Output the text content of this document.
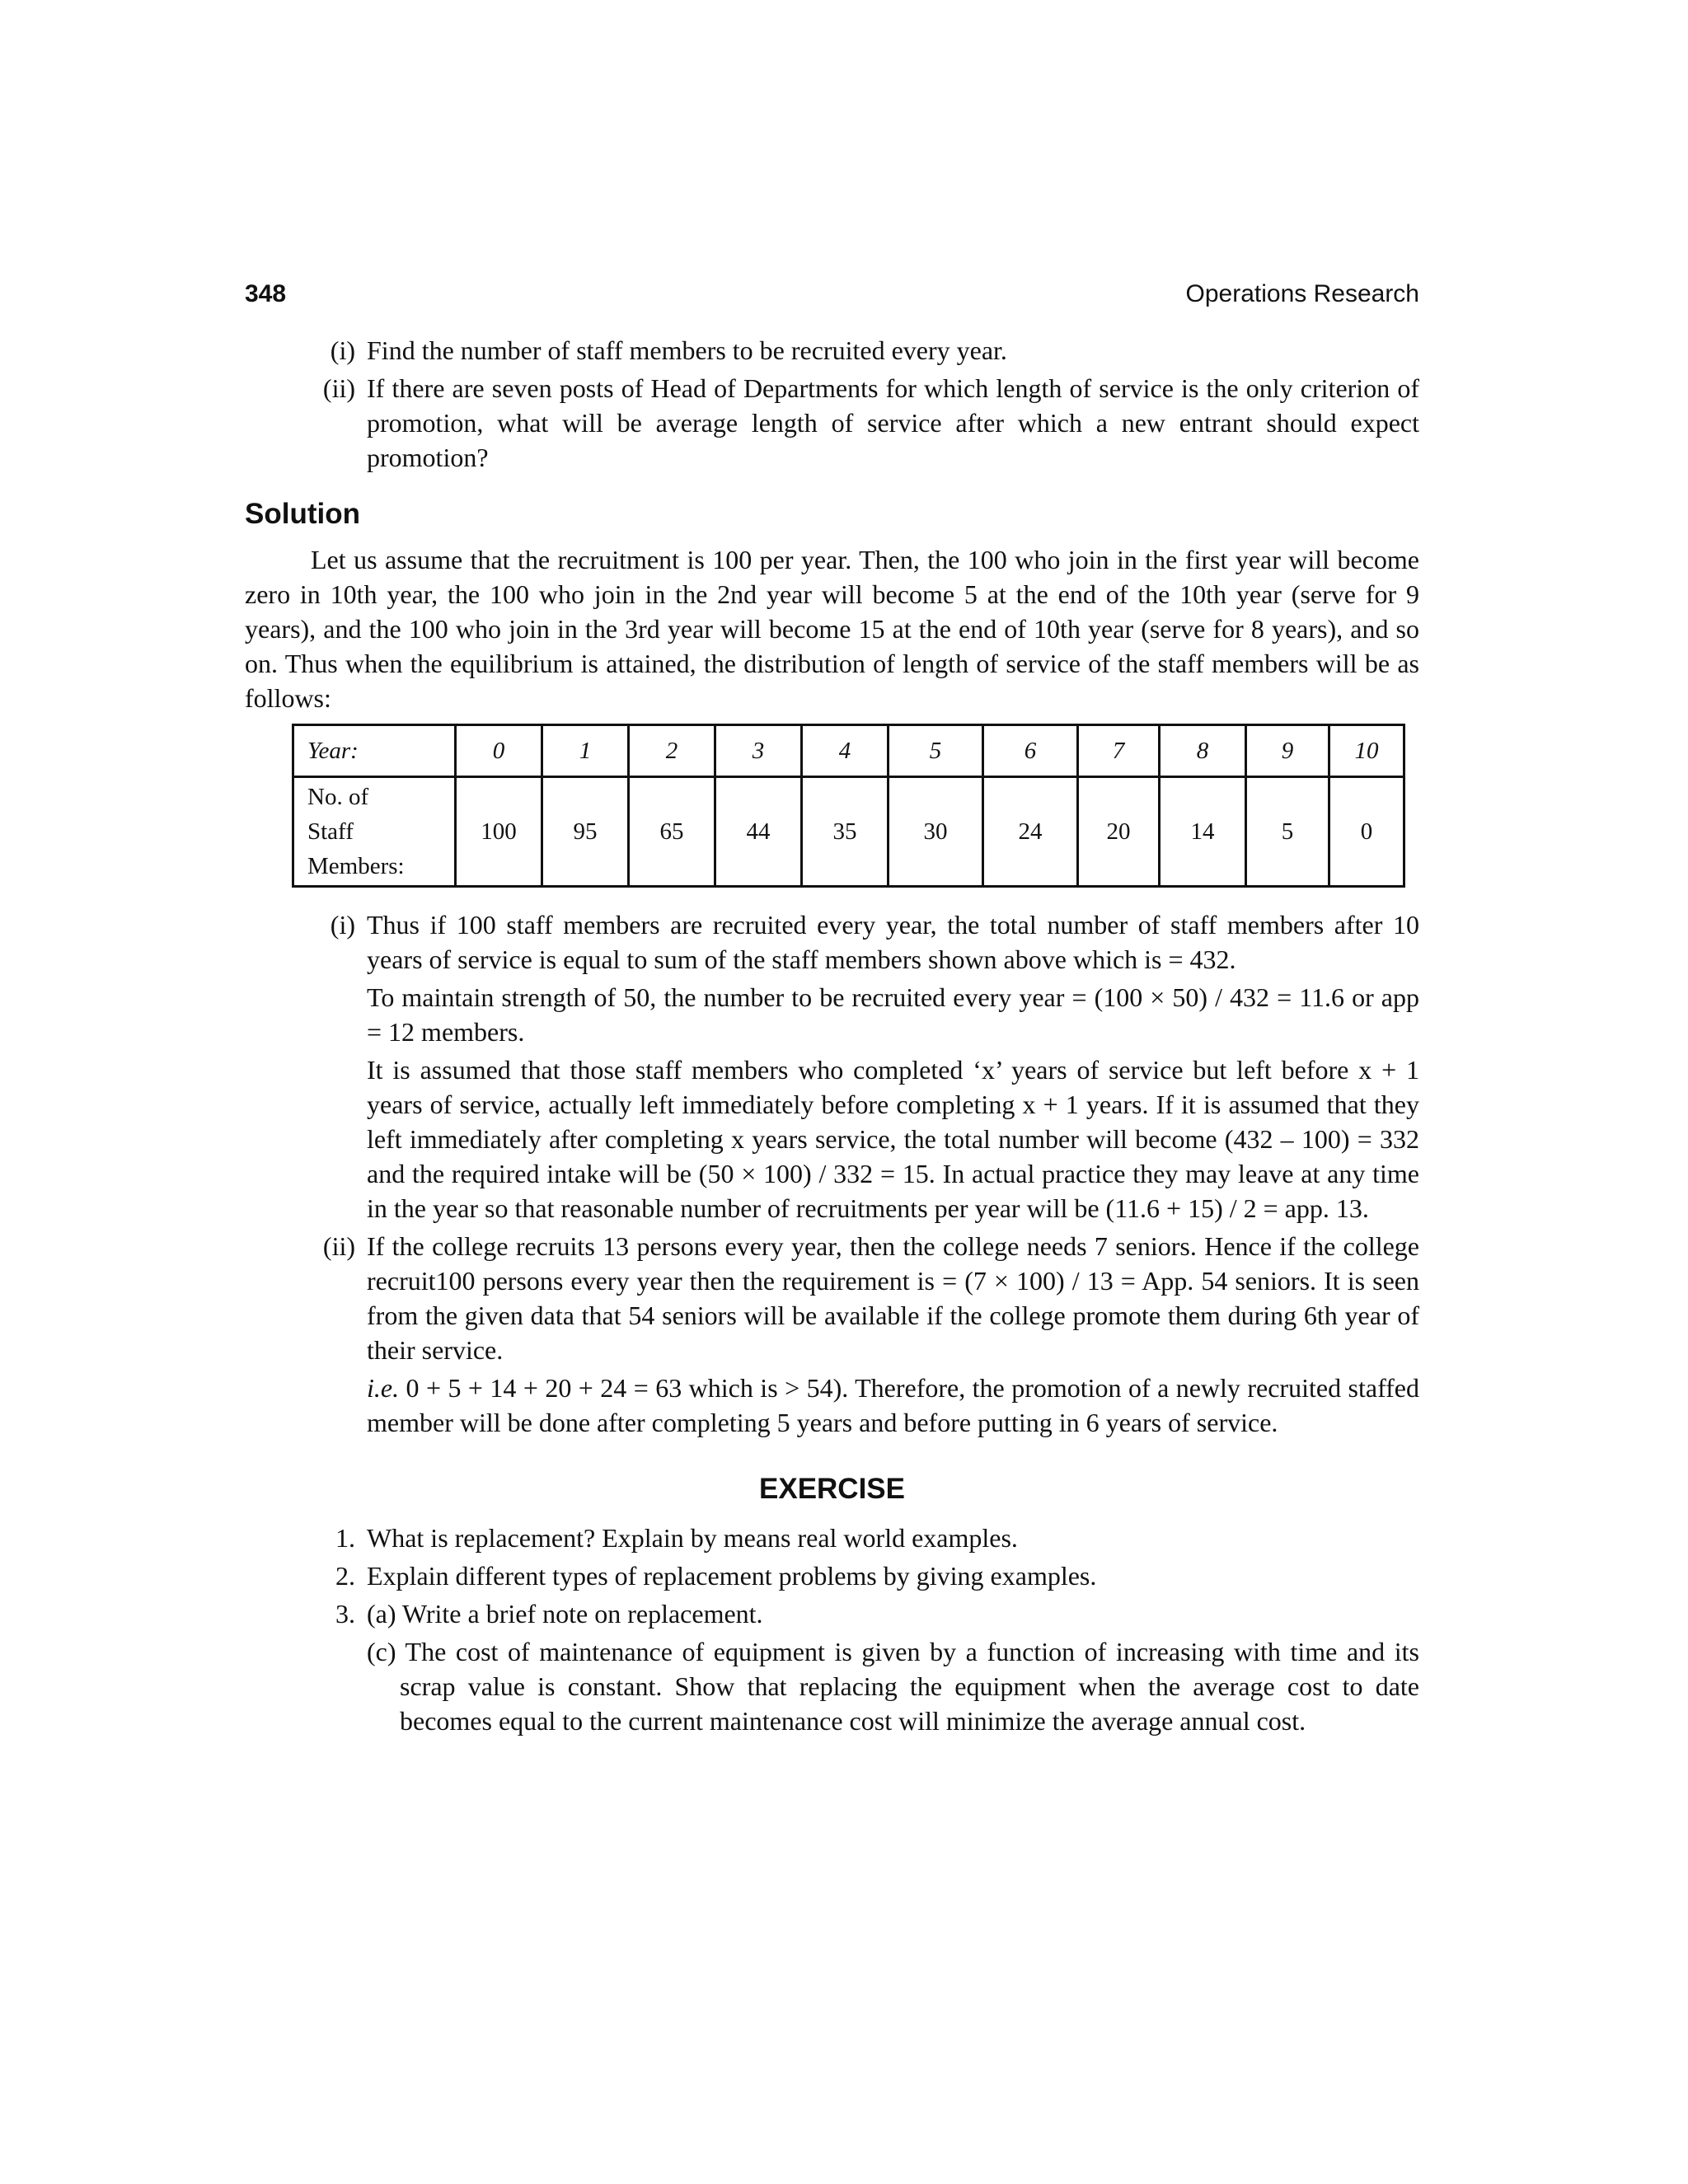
348	Operations Research
(i) Find the number of staff members to be recruited every year.
(ii) If there are seven posts of Head of Departments for which length of service is the only criterion of promotion, what will be average length of service after which a new entrant should expect promotion?
Solution

Let us assume that the recruitment is 100 per year. Then, the 100 who join in the first year will become zero in 10th year, the 100 who join in the 2nd year will become 5 at the end of the 10th year (serve for 9 years), and the 100 who join in the 3rd year will become 15 at the end of 10th year (serve for 8 years), and so on. Thus when the equilibrium is attained, the distribution of length of service of the staff members will be as follows:

Year:	0	1	2	3	4	5	6	7	8	9	10
No. of
Staff
Members:	100	95	65	44	35	30	24	20	14	5	0
(i) Thus if 100 staff members are recruited every year, the total number of staff members after 10 years of service is equal to sum of the staff members shown above which is = 432.

To maintain strength of 50, the number to be recruited every year = (100 × 50) / 432 = 11.6 or app = 12 members.

It is assumed that those staff members who completed ‘x’ years of service but left before x + 1 years of service, actually left immediately before completing x + 1 years. If it is assumed that they left immediately after completing x years service, the total number will become (432 – 100) = 332 and the required intake will be (50 × 100) / 332 = 15. In actual practice they may leave at any time in the year so that reasonable number of recruitments per year will be (11.6 + 15) / 2 = app. 13.

(ii) If the college recruits 13 persons every year, then the college needs 7 seniors. Hence if the college recruit100 persons every year then the requirement is = (7 × 100) / 13 = App. 54 seniors. It is seen from the given data that 54 seniors will be available if the college promote them during 6th year of their service.

i.e. 0 + 5 + 14 + 20 + 24 = 63 which is > 54). Therefore, the promotion of a newly recruited staffed member will be done after completing 5 years and before putting in 6 years of service.

EXERCISE
1. What is replacement? Explain by means real world examples.
2. Explain different types of replacement problems by giving examples.
3. (a) Write a brief note on replacement.

(c) The cost of maintenance of equipment is given by a function of increasing with time and its scrap value is constant. Show that replacing the equipment when the average cost to date becomes equal to the current maintenance cost will minimize the average annual cost.
